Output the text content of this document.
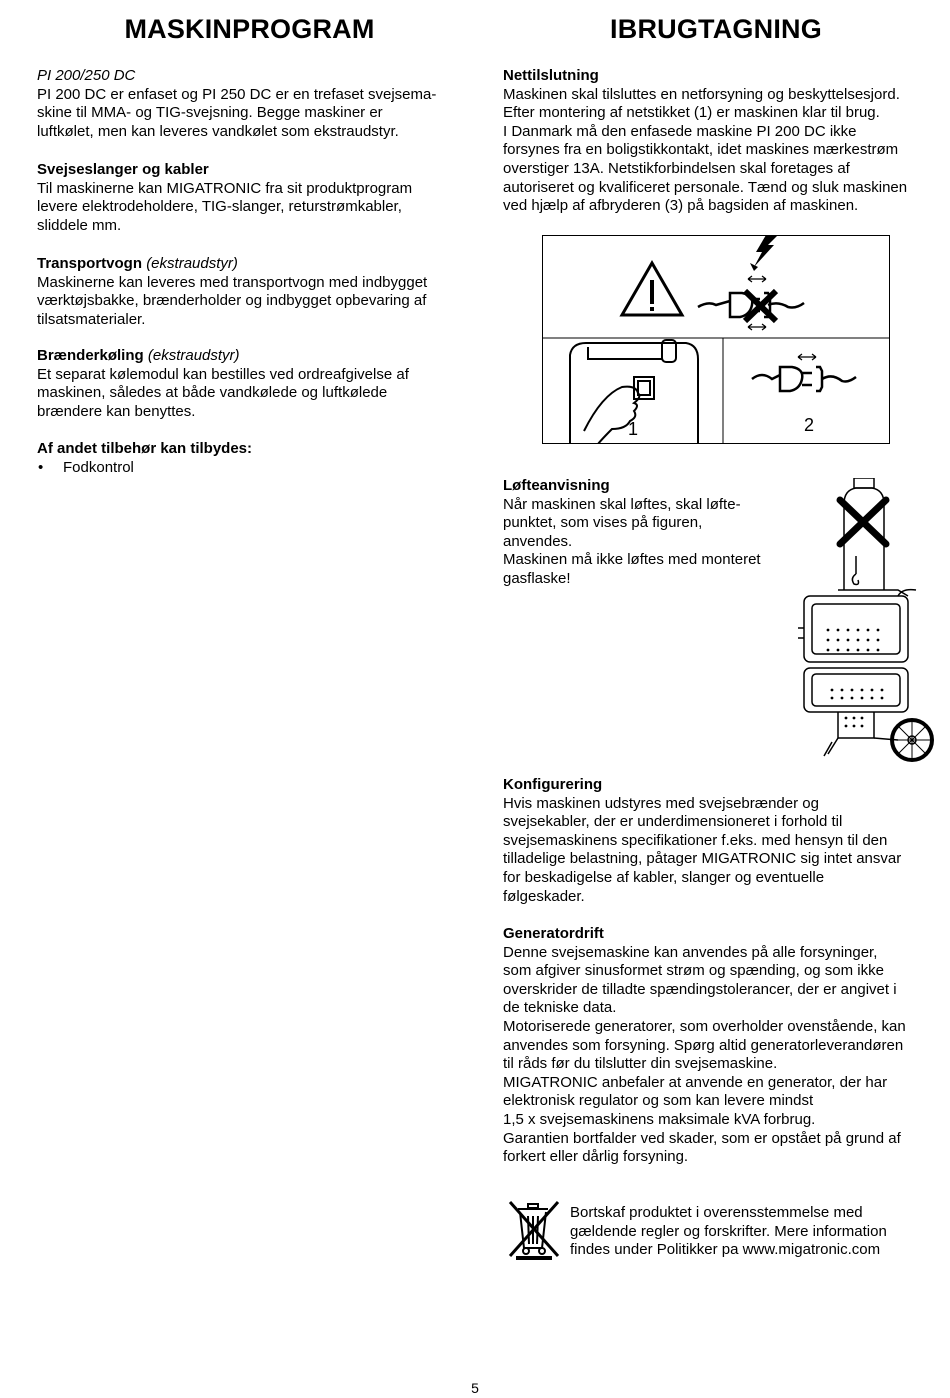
MASKINPROGRAM

PI 200/250 DC

PI 200 DC er enfaset og PI 250 DC er en trefaset svejsema-

skine til MMA- og TIG-svejsning. Begge maskiner er

luftkølet, men kan leveres vandkølet som ekstraudstyr.

Svejseslanger og kabler

Til maskinerne kan MIGATRONIC fra sit produktprogram

levere elektrodeholdere, TIG-slanger, returstrømkabler,

sliddele mm.

Transportvogn (ekstraudstyr)

Maskinerne kan leveres med transportvogn med indbygget

værktøjsbakke, brænderholder og indbygget opbevaring af

tilsatsmaterialer.

Brænderkøling (ekstraudstyr)

Et separat kølemodul kan bestilles ved ordreafgivelse af

maskinen, således at både vandkølede og luftkølede

brændere kan benyttes.

Af andet tilbehør kan tilbydes:

•	Fodkontrol
IBRUGTAGNING

Nettilslutning

Maskinen skal tilsluttes en netforsyning og beskyttelsesjord.

Efter montering af netstikket (1) er maskinen klar til brug.

I Danmark må den enfasede maskine PI 200 DC ikke

forsynes fra en boligstikkontakt, idet maskines mærkestrøm

overstiger 13A. Netstikforbindelsen skal foretages af

autoriseret og kvalificeret personale. Tænd og sluk maskinen

ved hjælp af afbryderen (3) på bagsiden af maskinen.

1	2

Løfteanvisning

Når maskinen skal løftes, skal løfte-

punktet, som vises på figuren,

anvendes.

Maskinen må ikke løftes med monteret

gasflaske!

Konfigurering

Hvis maskinen udstyres med svejsebrænder og

svejsekabler, der er underdimensioneret i forhold til

svejsemaskinens specifikationer f.eks. med hensyn til den

tilladelige belastning, påtager MIGATRONIC sig intet ansvar

for beskadigelse af kabler, slanger og eventuelle

følgeskader.

Generatordrift

Denne svejsemaskine kan anvendes på alle forsyninger,

som afgiver sinusformet strøm og spænding, og som ikke

overskrider de tilladte spændingstolerancer, der er angivet i

de tekniske data.

Motoriserede generatorer, som overholder ovenstående, kan

anvendes som forsyning. Spørg altid generatorleverandøren

til råds før du tilslutter din svejsemaskine.

MIGATRONIC anbefaler at anvende en generator, der har

elektronisk regulator og som kan levere mindst

1,5 x svejsemaskinens maksimale kVA forbrug.

Garantien bortfalder ved skader, som er opstået på grund af

forkert eller dårlig forsyning.

Bortskaf produktet i overensstemmelse med

gældende regler og forskrifter. Mere information

findes under Politikker pa www.migatronic.com

5
